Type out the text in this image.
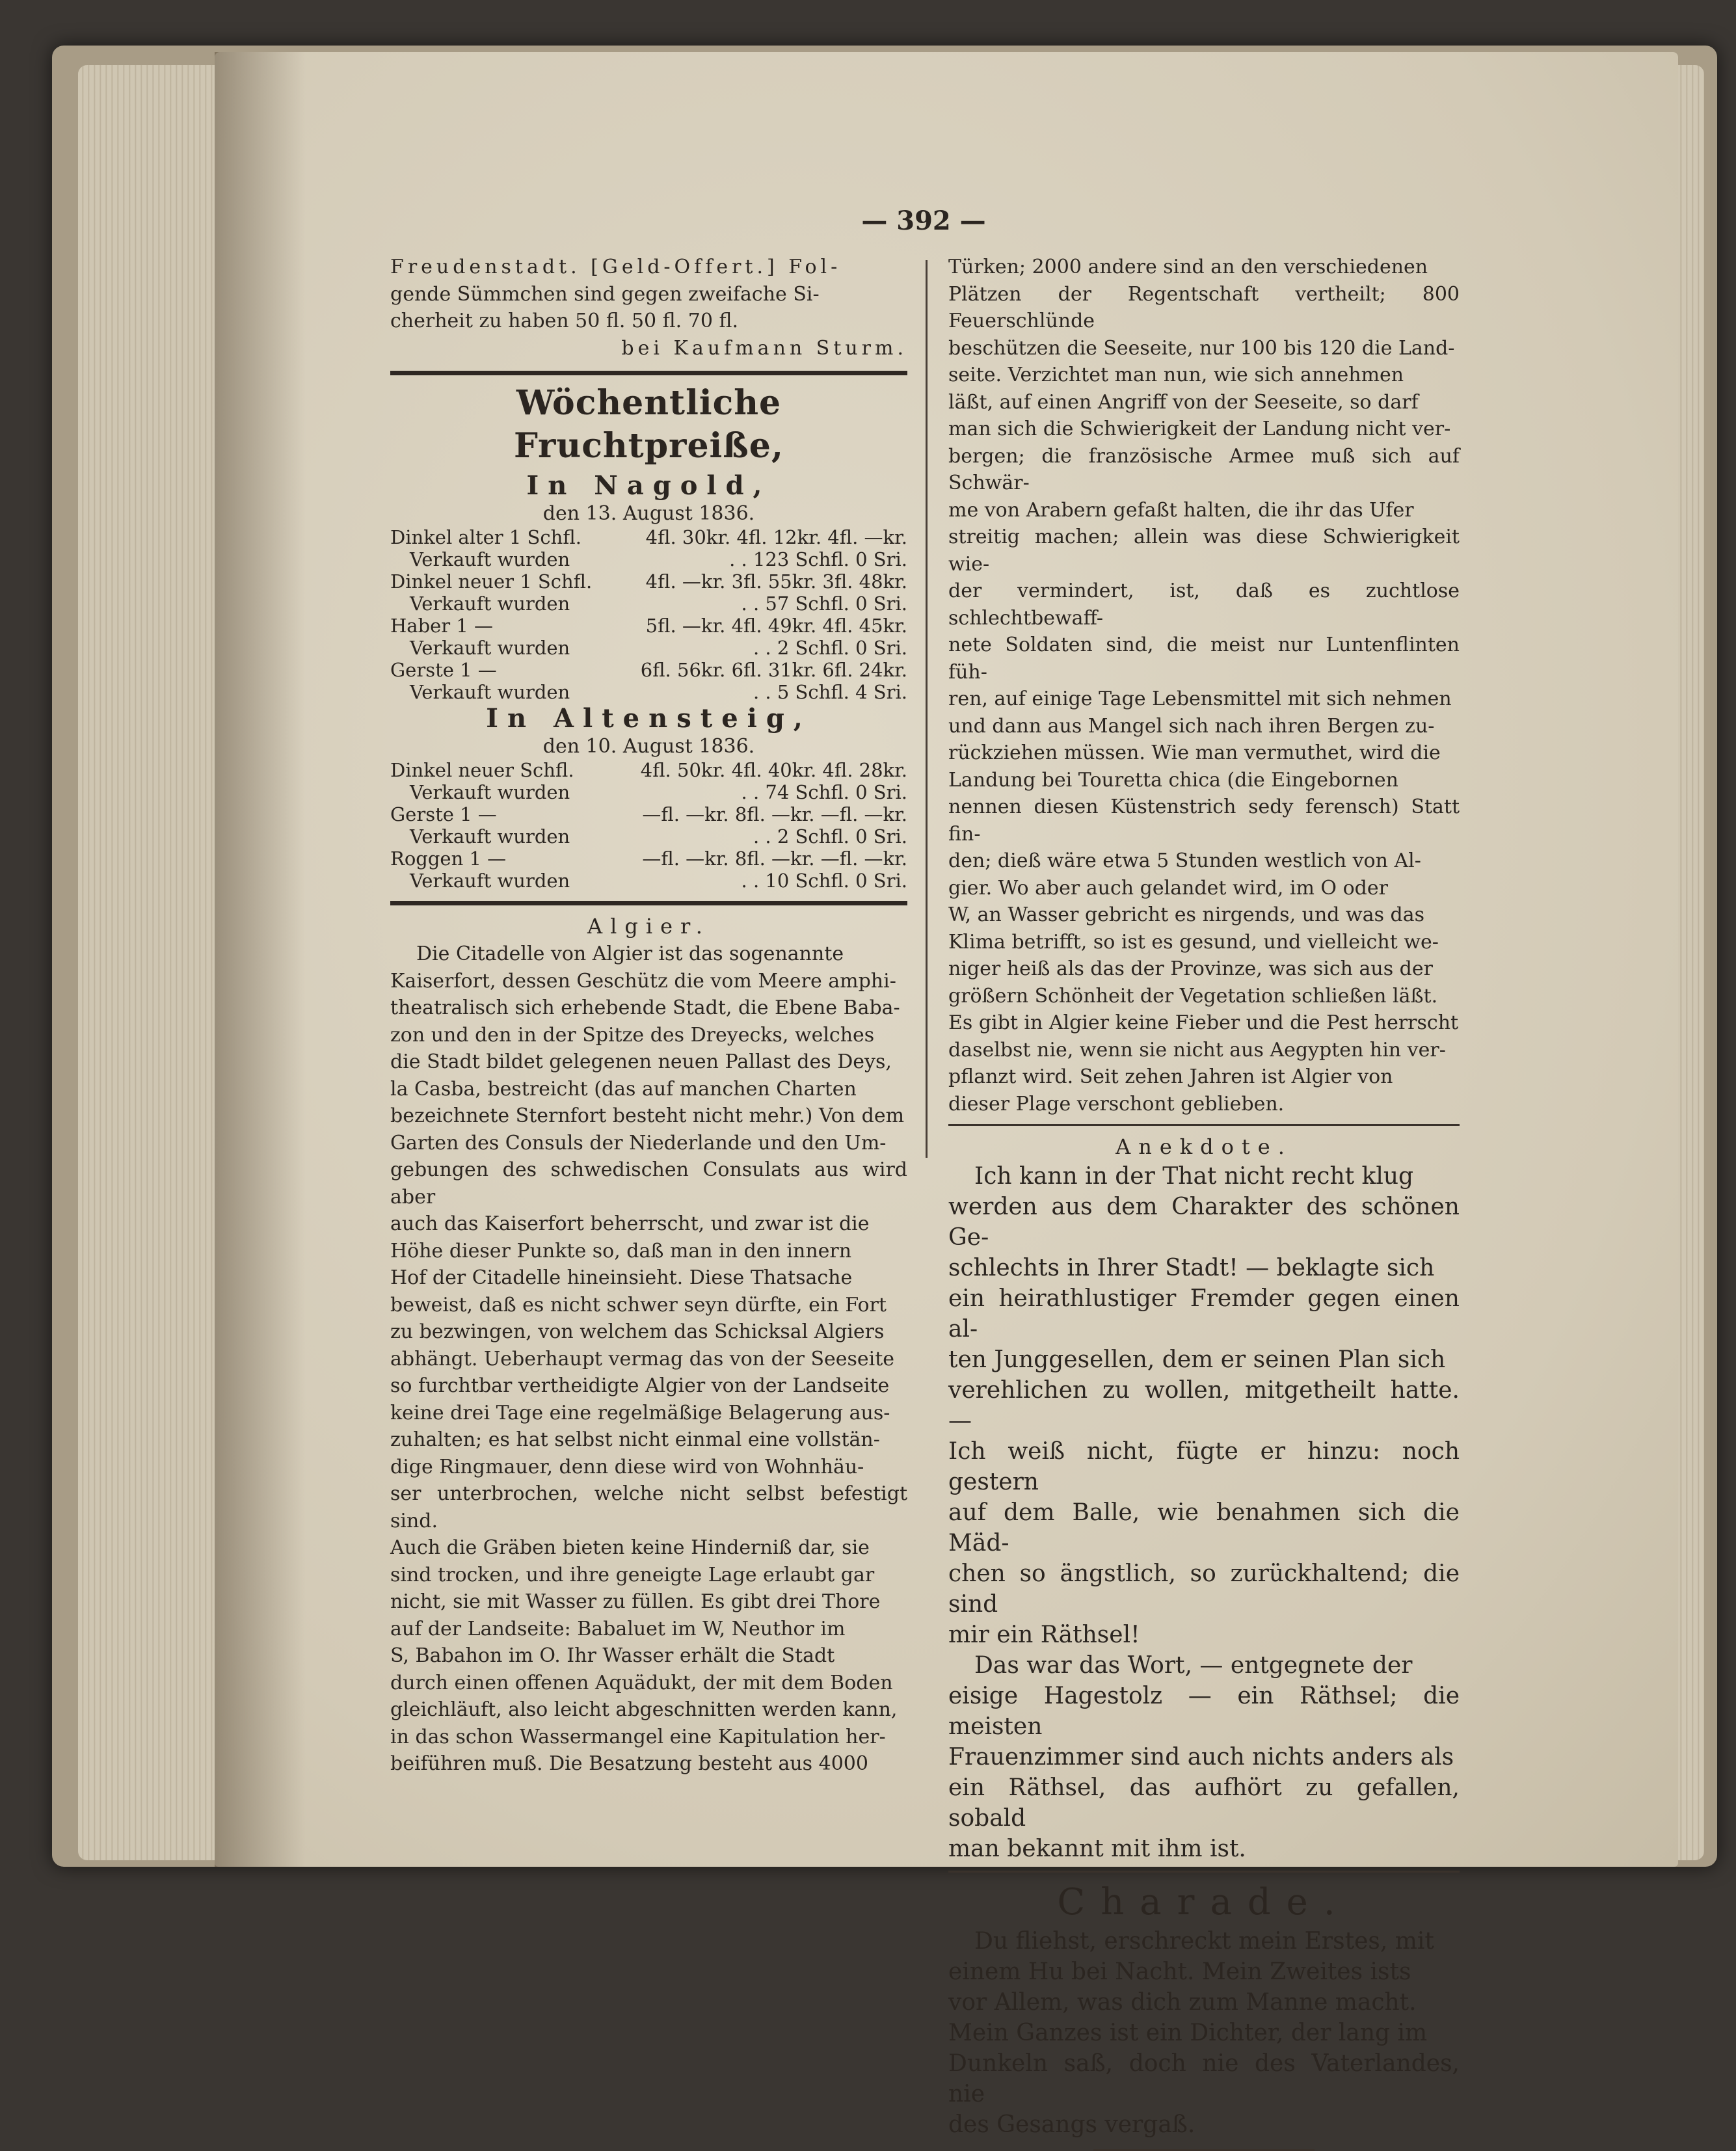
— 392 —

Freudenstadt. [Geld-Offert.] Fol-

gende Sümmchen sind gegen zweifache Si-

cherheit zu haben 50 fl. 50 fl. 70 fl.

bei Kaufmann Sturm.

Wöchentliche Fruchtpreiße,
In Nagold,
den 13. August 1836.
Dinkel alter 1 Schfl.	4fl. 30kr. 4fl. 12kr. 4fl. —kr.
Verkauft wurden	. . 123 Schfl. 0 Sri.
Dinkel neuer 1 Schfl.	4fl. —kr. 3fl. 55kr. 3fl. 48kr.
Verkauft wurden	. . 57 Schfl. 0 Sri.
Haber 1 —	5fl. —kr. 4fl. 49kr. 4fl. 45kr.
Verkauft wurden	. . 2 Schfl. 0 Sri.
Gerste 1 —	6fl. 56kr. 6fl. 31kr. 6fl. 24kr.
Verkauft wurden	. . 5 Schfl. 4 Sri.
In Altensteig,
den 10. August 1836.
Dinkel neuer Schfl.	4fl. 50kr. 4fl. 40kr. 4fl. 28kr.
Verkauft wurden	. . 74 Schfl. 0 Sri.
Gerste 1 —	—fl. —kr. 8fl. —kr. —fl. —kr.
Verkauft wurden	. . 2 Schfl. 0 Sri.
Roggen 1 —	—fl. —kr. 8fl. —kr. —fl. —kr.
Verkauft wurden	. . 10 Schfl. 0 Sri.
Algier.

Die Citadelle von Algier ist das sogenannte

Kaiserfort, dessen Geschütz die vom Meere amphi-

theatralisch sich erhebende Stadt, die Ebene Baba-

zon und den in der Spitze des Dreyecks, welches

die Stadt bildet gelegenen neuen Pallast des Deys,

la Casba, bestreicht (das auf manchen Charten

bezeichnete Sternfort besteht nicht mehr.) Von dem

Garten des Consuls der Niederlande und den Um-

gebungen des schwedischen Consulats aus wird aber

auch das Kaiserfort beherrscht, und zwar ist die

Höhe dieser Punkte so, daß man in den innern

Hof der Citadelle hineinsieht. Diese Thatsache

beweist, daß es nicht schwer seyn dürfte, ein Fort

zu bezwingen, von welchem das Schicksal Algiers

abhängt. Ueberhaupt vermag das von der Seeseite

so furchtbar vertheidigte Algier von der Landseite

keine drei Tage eine regelmäßige Belagerung aus-

zuhalten; es hat selbst nicht einmal eine vollstän-

dige Ringmauer, denn diese wird von Wohnhäu-

ser unterbrochen, welche nicht selbst befestigt sind.

Auch die Gräben bieten keine Hinderniß dar, sie

sind trocken, und ihre geneigte Lage erlaubt gar

nicht, sie mit Wasser zu füllen. Es gibt drei Thore

auf der Landseite: Babaluet im W, Neuthor im

S, Babahon im O. Ihr Wasser erhält die Stadt

durch einen offenen Aquädukt, der mit dem Boden

gleichläuft, also leicht abgeschnitten werden kann,

in das schon Wassermangel eine Kapitulation her-

beiführen muß. Die Besatzung besteht aus 4000

Türken; 2000 andere sind an den verschiedenen

Plätzen der Regentschaft vertheilt; 800 Feuerschlünde

beschützen die Seeseite, nur 100 bis 120 die Land-

seite. Verzichtet man nun, wie sich annehmen

läßt, auf einen Angriff von der Seeseite, so darf

man sich die Schwierigkeit der Landung nicht ver-

bergen; die französische Armee muß sich auf Schwär-

me von Arabern gefaßt halten, die ihr das Ufer

streitig machen; allein was diese Schwierigkeit wie-

der vermindert, ist, daß es zuchtlose schlechtbewaff-

nete Soldaten sind, die meist nur Luntenflinten füh-

ren, auf einige Tage Lebensmittel mit sich nehmen

und dann aus Mangel sich nach ihren Bergen zu-

rückziehen müssen. Wie man vermuthet, wird die

Landung bei Touretta chica (die Eingebornen

nennen diesen Küstenstrich sedy ferensch) Statt fin-

den; dieß wäre etwa 5 Stunden westlich von Al-

gier. Wo aber auch gelandet wird, im O oder

W, an Wasser gebricht es nirgends, und was das

Klima betrifft, so ist es gesund, und vielleicht we-

niger heiß als das der Provinze, was sich aus der

größern Schönheit der Vegetation schließen läßt.

Es gibt in Algier keine Fieber und die Pest herrscht

daselbst nie, wenn sie nicht aus Aegypten hin ver-

pflanzt wird. Seit zehen Jahren ist Algier von

dieser Plage verschont geblieben.

Anekdote.

Ich kann in der That nicht recht klug

werden aus dem Charakter des schönen Ge-

schlechts in Ihrer Stadt! — beklagte sich

ein heirathlustiger Fremder gegen einen al-

ten Junggesellen, dem er seinen Plan sich

verehlichen zu wollen, mitgetheilt hatte. —

Ich weiß nicht, fügte er hinzu: noch gestern

auf dem Balle, wie benahmen sich die Mäd-

chen so ängstlich, so zurückhaltend; die sind

mir ein Räthsel!

Das war das Wort, — entgegnete der

eisige Hagestolz — ein Räthsel; die meisten

Frauenzimmer sind auch nichts anders als

ein Räthsel, das aufhört zu gefallen, sobald

man bekannt mit ihm ist.

Charade.

Du fliehst, erschreckt mein Erstes, mit

einem Hu bei Nacht. Mein Zweites ists

vor Allem, was dich zum Manne macht.

Mein Ganzes ist ein Dichter, der lang im

Dunkeln saß, doch nie des Vaterlandes, nie

des Gesangs vergaß.
